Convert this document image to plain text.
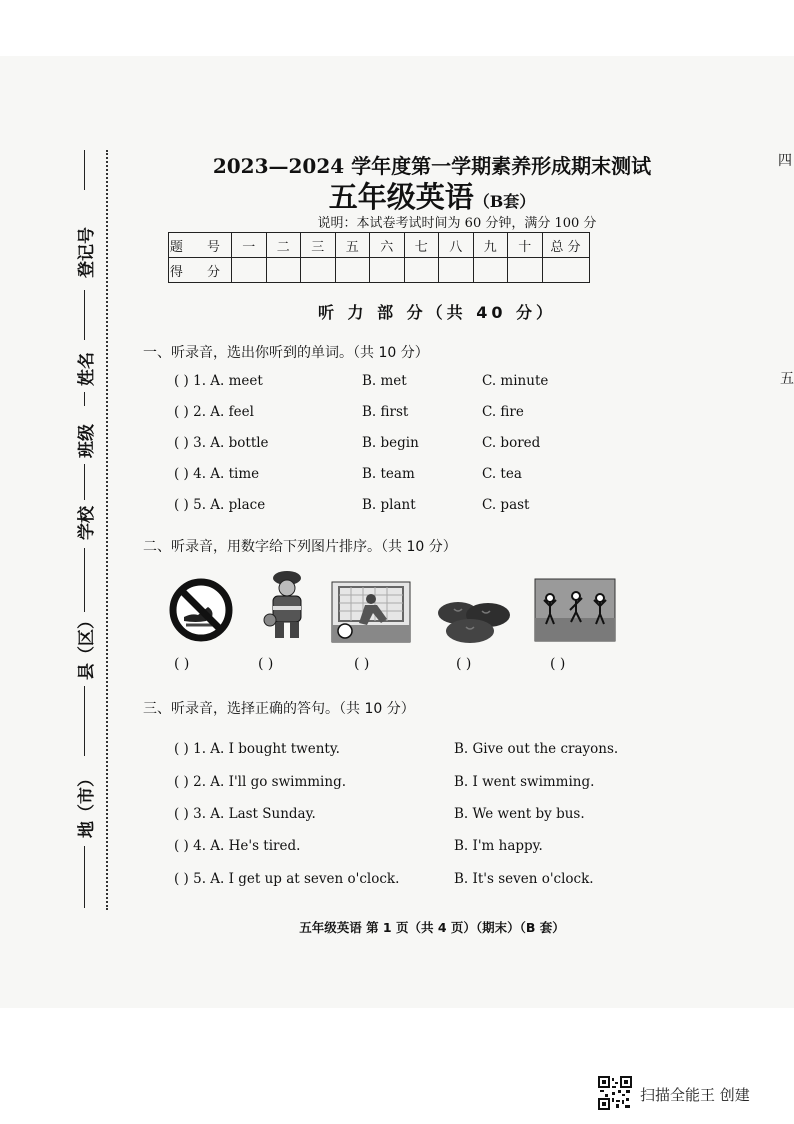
登记号
姓名
班级
学校
县（区）
地（市）
四
五
2023—2024 学年度第一学期素养形成期末测试
五年级英语（B套）
说明：本试卷考试时间为 60 分钟，满分 100 分
题 号	一	二	三	五	六	七	八	九	十	总 分
得 分										
听 力 部 分（共 40 分）
一、听录音，选出你听到的单词。（共 10 分）
( ) 1. A. meet	B. met	C. minute
( ) 2. A. feel	B. first	C. fire
( ) 3. A. bottle	B. begin	C. bored
( ) 4. A. time	B. team	C. tea
( ) 5. A. place	B. plant	C. past
二、听录音，用数字给下列图片排序。（共 10 分）
( )	( )	( )	( )	( )
三、听录音，选择正确的答句。（共 10 分）
( ) 1. A. I bought twenty.	B. Give out the crayons.
( ) 2. A. I'll go swimming.	B. I went swimming.
( ) 3. A. Last Sunday.	B. We went by bus.
( ) 4. A. He's tired.	B. I'm happy.
( ) 5. A. I get up at seven o'clock.	B. It's seven o'clock.
五年级英语 第 1 页（共 4 页）（期末）（B 套）
扫描全能王 创建
